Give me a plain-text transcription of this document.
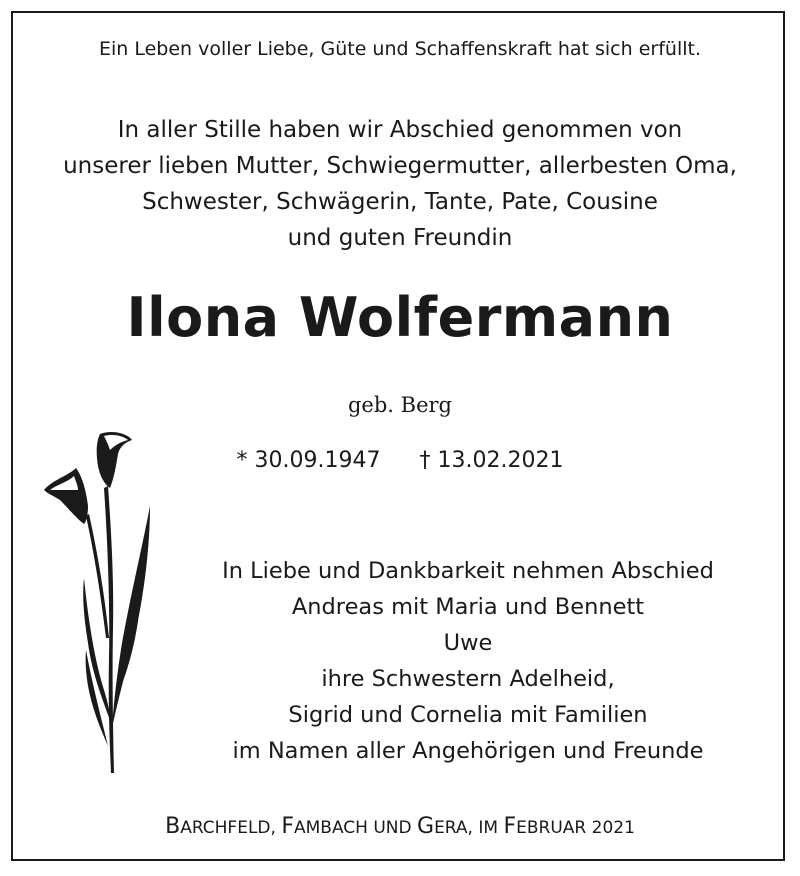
Ein Leben voller Liebe, Güte und Schaffenskraft hat sich erfüllt.
In aller Stille haben wir Abschied genommen von
unserer lieben Mutter, Schwiegermutter, allerbesten Oma,
Schwester, Schwägerin, Tante, Pate, Cousine
und guten Freundin
Ilona Wolfermann
geb. Berg
* 30.09.1947 † 13.02.2021
In Liebe und Dankbarkeit nehmen Abschied
Andreas mit Maria und Bennett
Uwe
ihre Schwestern Adelheid,
Sigrid und Cornelia mit Familien
im Namen aller Angehörigen und Freunde
BARCHFELD, FAMBACH UND GERA, IM FEBRUAR 2021
